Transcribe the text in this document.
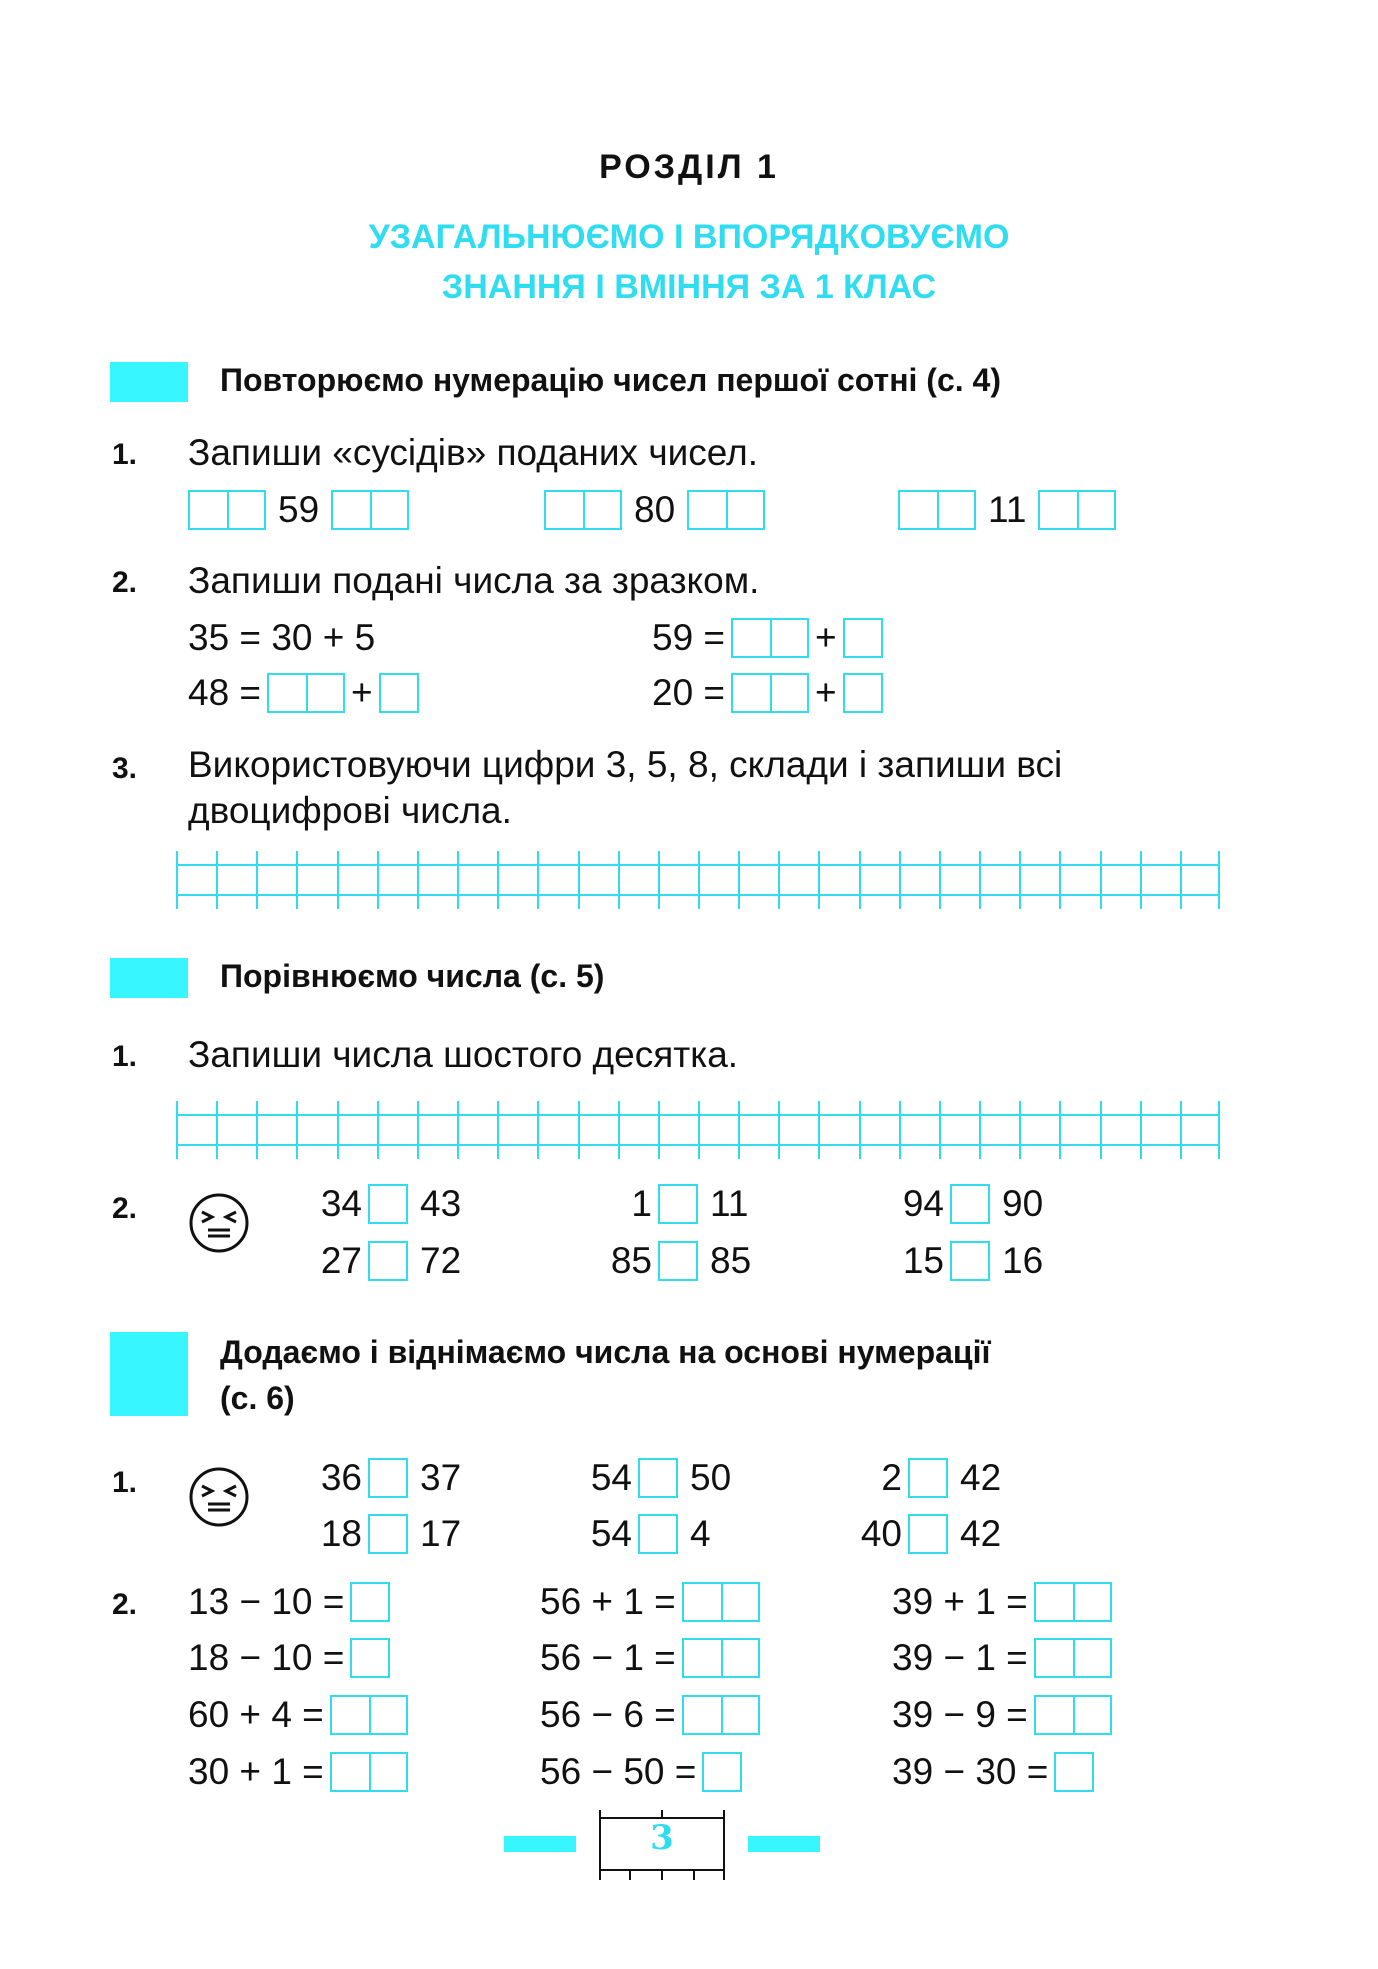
РОЗДІЛ 1
УЗАГАЛЬНЮЄМО І ВПОРЯДКОВУЄМО
ЗНАННЯ І ВМІННЯ ЗА 1 КЛАС
Повторюємо нумерацію чисел першої сотні (с. 4)
1. Запиши «сусідів» поданих чисел.
59	80	11
2. Запиши подані числа за зразком.
35 = 30 + 5	59 = +
48 = +	20 = +
3. Використовуючи цифри 3, 5, 8, склади і запиши всі
двоцифрові числа.
Порівнюємо числа (с. 5)
1. Запиши числа шостого десятка.
2.	34 43	1 11	94 90
27 72	85 85	15 16
Додаємо і віднімаємо числа на основі нумерації
(с. 6)
1.	36 37	54 50	2 42
18 17	54 4	40 42
2. 13 − 10 =	56 + 1 =	39 + 1 =
18 − 10 =	56 − 1 =	39 − 1 =
60 + 4 =	56 − 6 =	39 − 9 =
30 + 1 =	56 − 50 =	39 − 30 =
3
